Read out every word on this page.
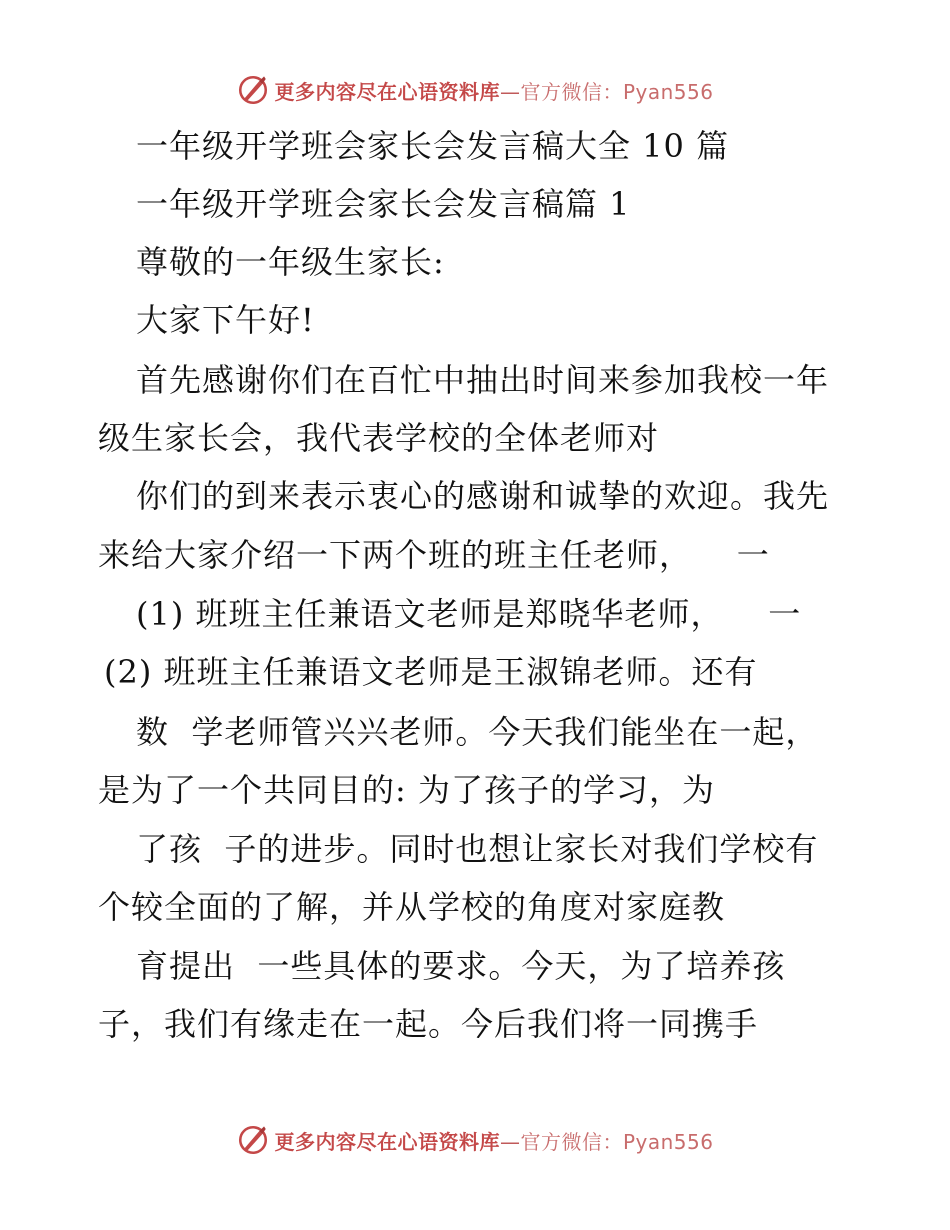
更多内容尽在心语资料库—官方微信：Pyan556
一年级开学班会家长会发言稿大全 10 篇
一年级开学班会家长会发言稿篇 1
尊敬的一年级生家长:
大家下午好!
首先感谢你们在百忙中抽出时间来参加我校一年
级生家长会，我代表学校的全体老师对
你们的到来表示衷心的感谢和诚挚的欢迎。我先
来给大家介绍一下两个班的班主任老师，    一
(1) 班班主任兼语文老师是郑晓华老师，    一
(2) 班班主任兼语文老师是王淑锦老师。还有
数  学老师管兴兴老师。今天我们能坐在一起，
是为了一个共同目的: 为了孩子的学习，为
了孩  子的进步。同时也想让家长对我们学校有
个较全面的了解，并从学校的角度对家庭教
育提出  一些具体的要求。今天，为了培养孩
子，我们有缘走在一起。今后我们将一同携手
更多内容尽在心语资料库—官方微信：Pyan556
